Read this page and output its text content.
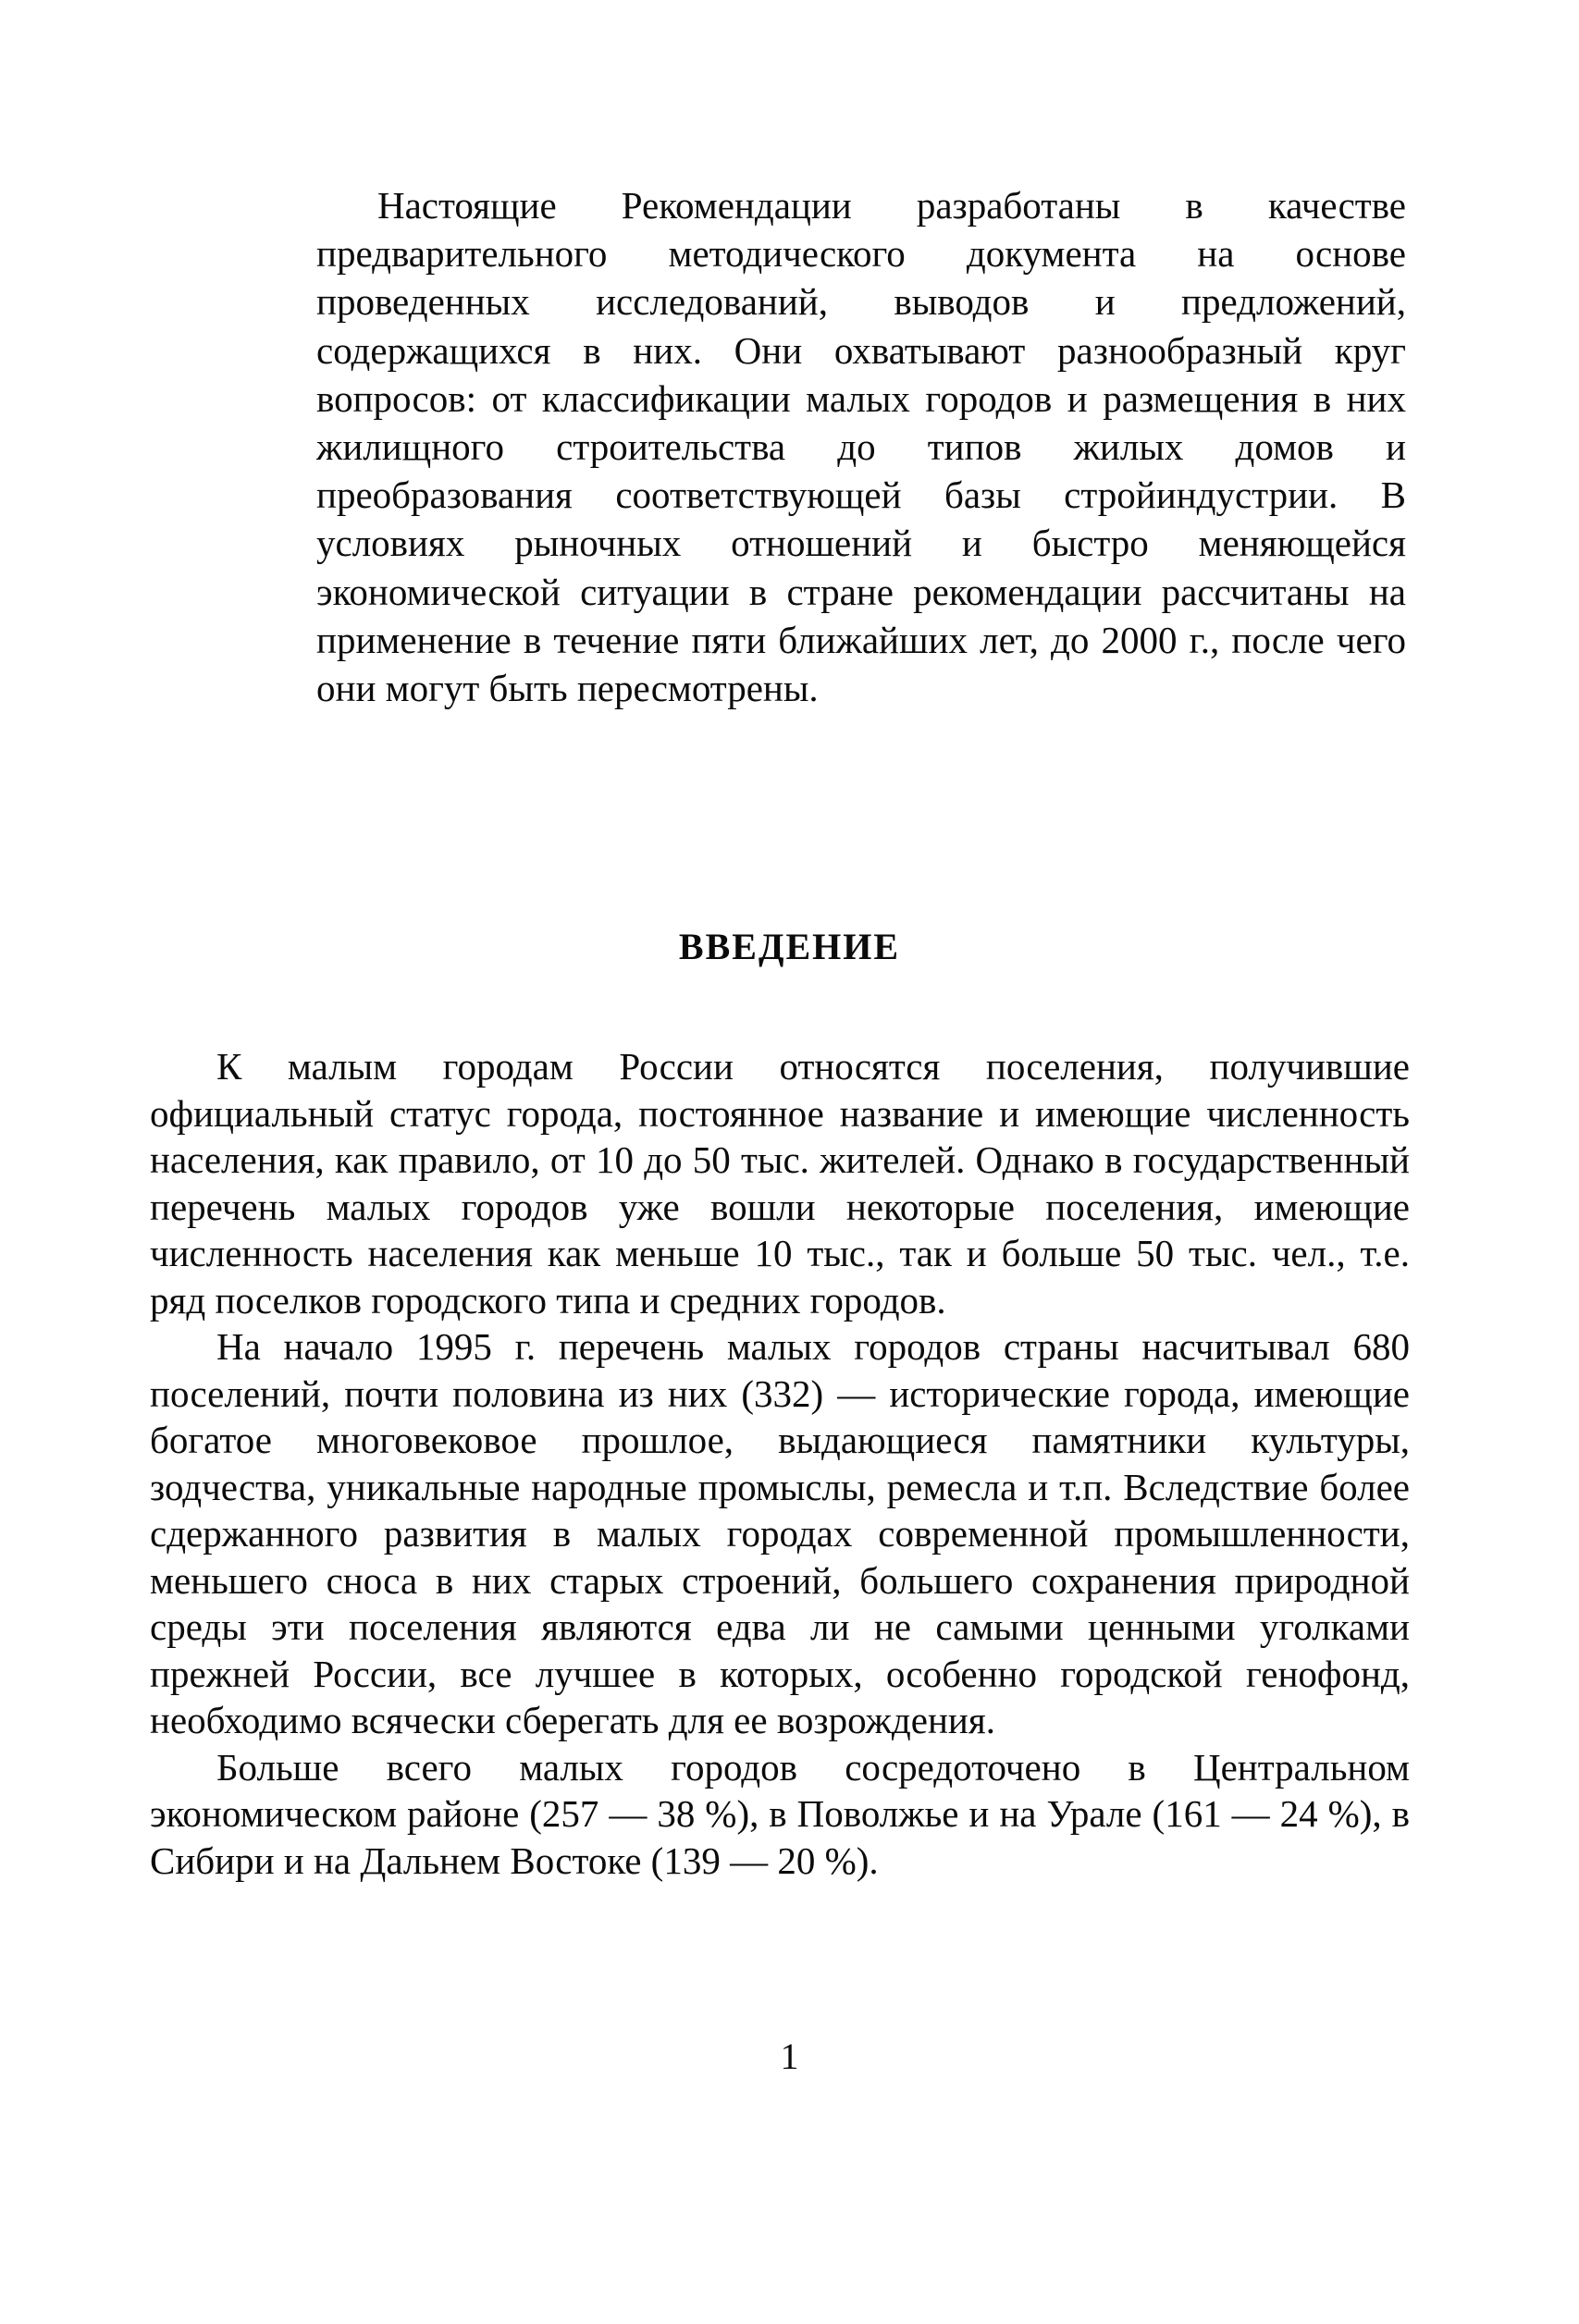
Настоящие Рекомендации разработаны в качестве предварительного методического документа на основе проведенных исследований, выводов и предложений, содержащихся в них. Они охватывают разнообразный круг вопросов: от классификации малых городов и размещения в них жилищного строительства до типов жилых домов и преобразования соответствующей базы стройиндустрии. В условиях рыночных отношений и быстро меняющейся экономической ситуации в стране рекомендации рассчитаны на применение в течение пяти ближайших лет, до 2000 г., после чего они могут быть пересмотрены.

ВВЕДЕНИЕ

К малым городам России относятся поселения, получившие официальный статус города, постоянное название и имеющие численность населения, как правило, от 10 до 50 тыс. жителей. Однако в государственный перечень малых городов уже вошли некоторые поселения, имеющие численность населения как меньше 10 тыс., так и больше 50 тыс. чел., т.е. ряд поселков городского типа и средних городов.

На начало 1995 г. перечень малых городов страны насчитывал 680 поселений, почти половина из них (332) — исторические города, имеющие богатое многовековое прошлое, выдающиеся памятники культуры, зодчества, уникальные народные промыслы, ремесла и т.п. Вследствие более сдержанного развития в малых городах современной промышленности, меньшего сноса в них старых строений, большего сохранения природной среды эти поселения являются едва ли не самыми ценными уголками прежней России, все лучшее в которых, особенно городской генофонд, необходимо всячески сберегать для ее возрождения.

Больше всего малых городов сосредоточено в Центральном экономическом районе (257 — 38 %), в Поволжье и на Урале (161 — 24 %), в Сибири и на Дальнем Востоке (139 — 20 %).

1
